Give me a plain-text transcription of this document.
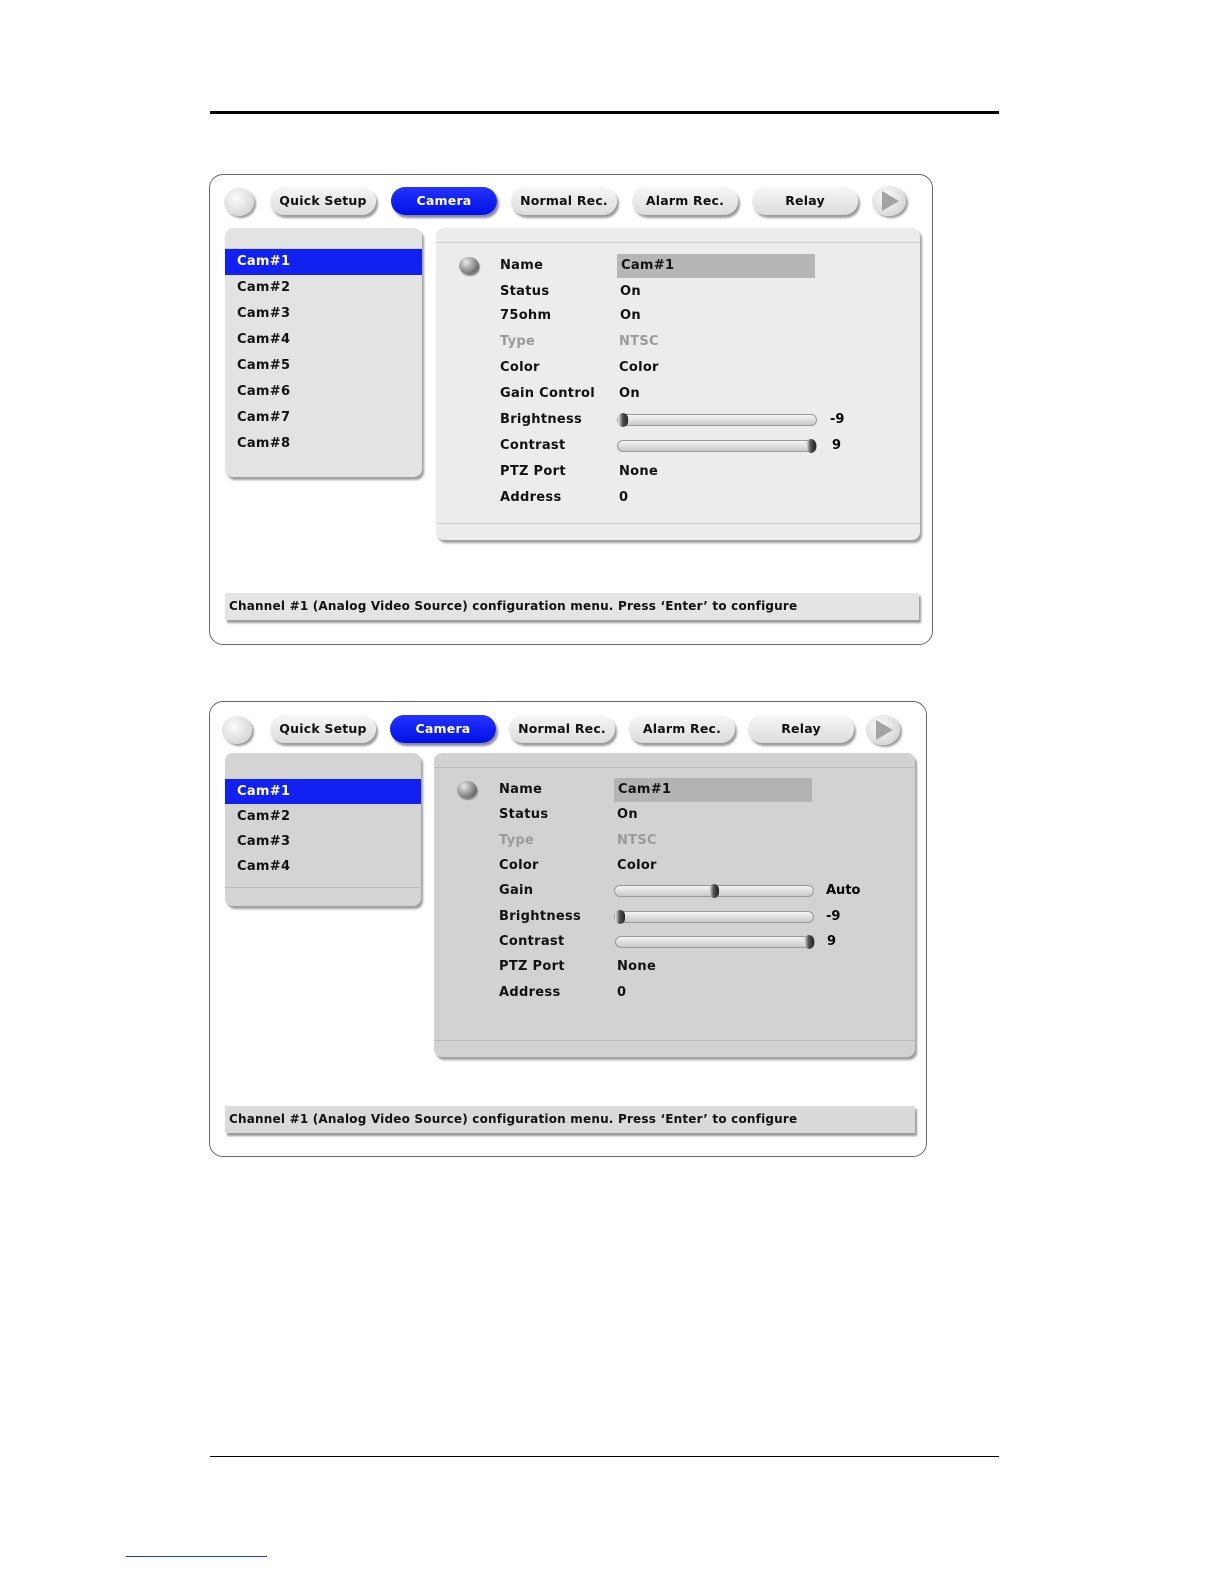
Quick Setup	Camera	Normal Rec.	Alarm Rec.	Relay
Cam#1
Cam#2
Cam#3
Cam#4
Cam#5
Cam#6
Cam#7
Cam#8
Name	Cam#1
Status	On
75ohm	On
Type	NTSC
Color	Color
Gain Control On
Brightness	-9
Contrast	9
PTZ Port	None
Address	0
Channel #1 (Analog Video Source) configuration menu. Press ‘Enter’ to configure
Quick Setup	Camera	Normal Rec.	Alarm Rec.	Relay
Cam#1
Cam#2
Cam#3
Cam#4
Name	Cam#1
Status	On
Type	NTSC
Color	Color
Gain	Auto
Brightness	-9
Contrast	9
PTZ Port	None
Address	0
Channel #1 (Analog Video Source) configuration menu. Press ‘Enter’ to configure
